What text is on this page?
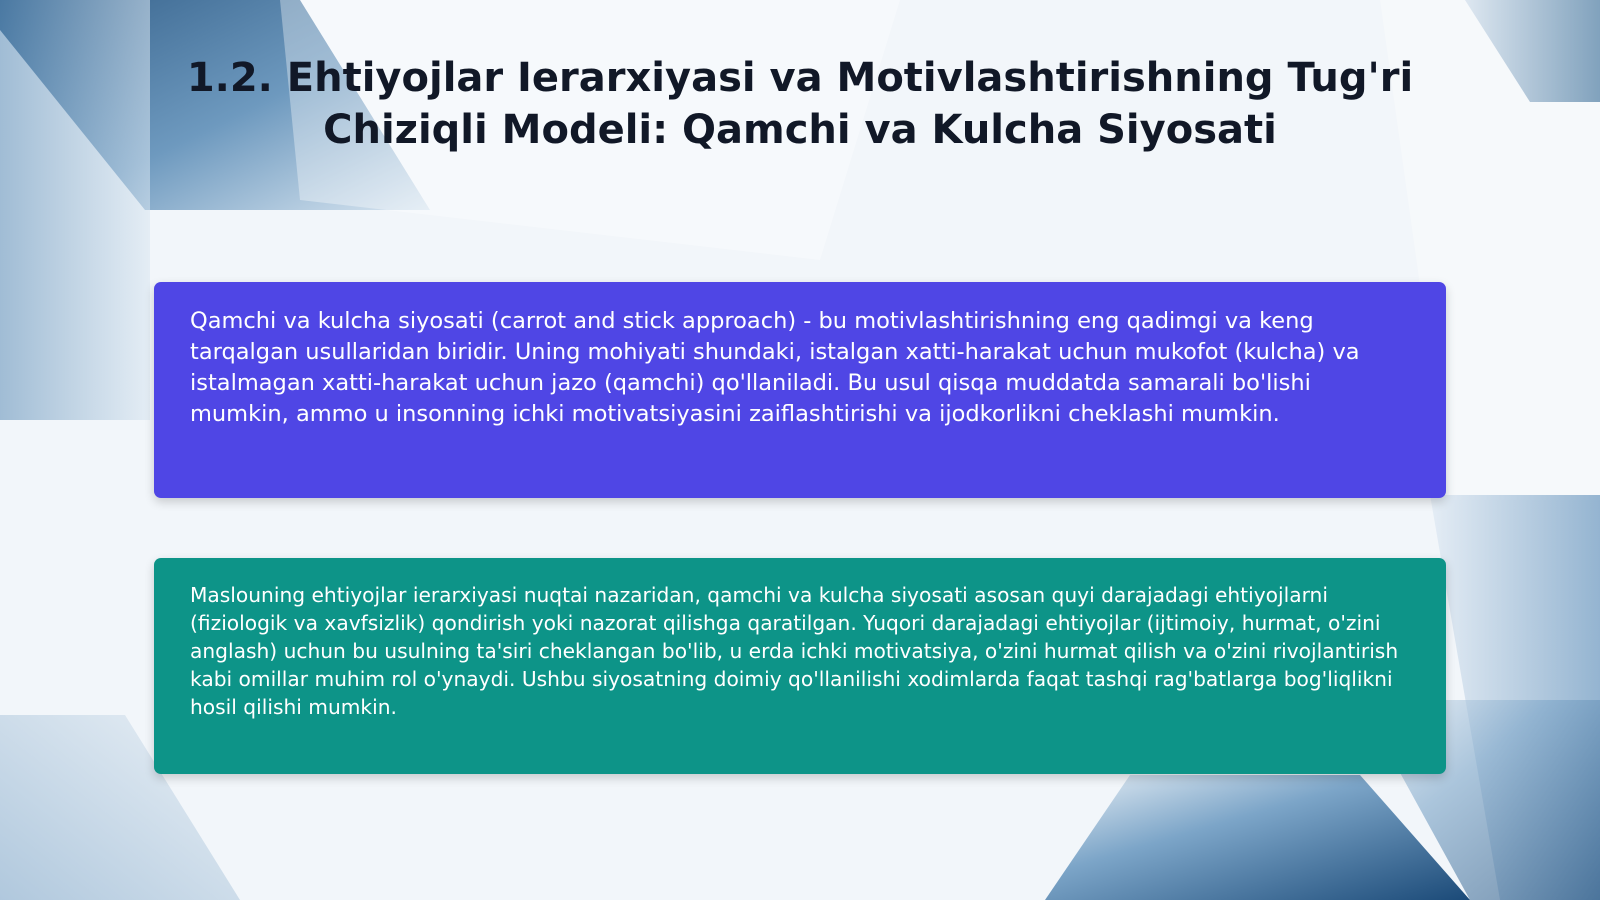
1.2. Ehtiyojlar Ierarxiyasi va Motivlashtirishning Tug'ri Chiziqli Modeli: Qamchi va Kulcha Siyosati

Qamchi va kulcha siyosati (carrot and stick approach) - bu motivlashtirishning eng qadimgi va keng tarqalgan usullaridan biridir. Uning mohiyati shundaki, istalgan xatti-harakat uchun mukofot (kulcha) va istalmagan xatti-harakat uchun jazo (qamchi) qo'llaniladi. Bu usul qisqa muddatda samarali bo'lishi mumkin, ammo u insonning ichki motivatsiyasini zaiflashtirishi va ijodkorlikni cheklashi mumkin.

Maslouning ehtiyojlar ierarxiyasi nuqtai nazaridan, qamchi va kulcha siyosati asosan quyi darajadagi ehtiyojlarni (fiziologik va xavfsizlik) qondirish yoki nazorat qilishga qaratilgan. Yuqori darajadagi ehtiyojlar (ijtimoiy, hurmat, o'zini anglash) uchun bu usulning ta'siri cheklangan bo'lib, u erda ichki motivatsiya, o'zini hurmat qilish va o'zini rivojlantirish kabi omillar muhim rol o'ynaydi. Ushbu siyosatning doimiy qo'llanilishi xodimlarda faqat tashqi rag'batlarga bog'liqlikni hosil qilishi mumkin.
